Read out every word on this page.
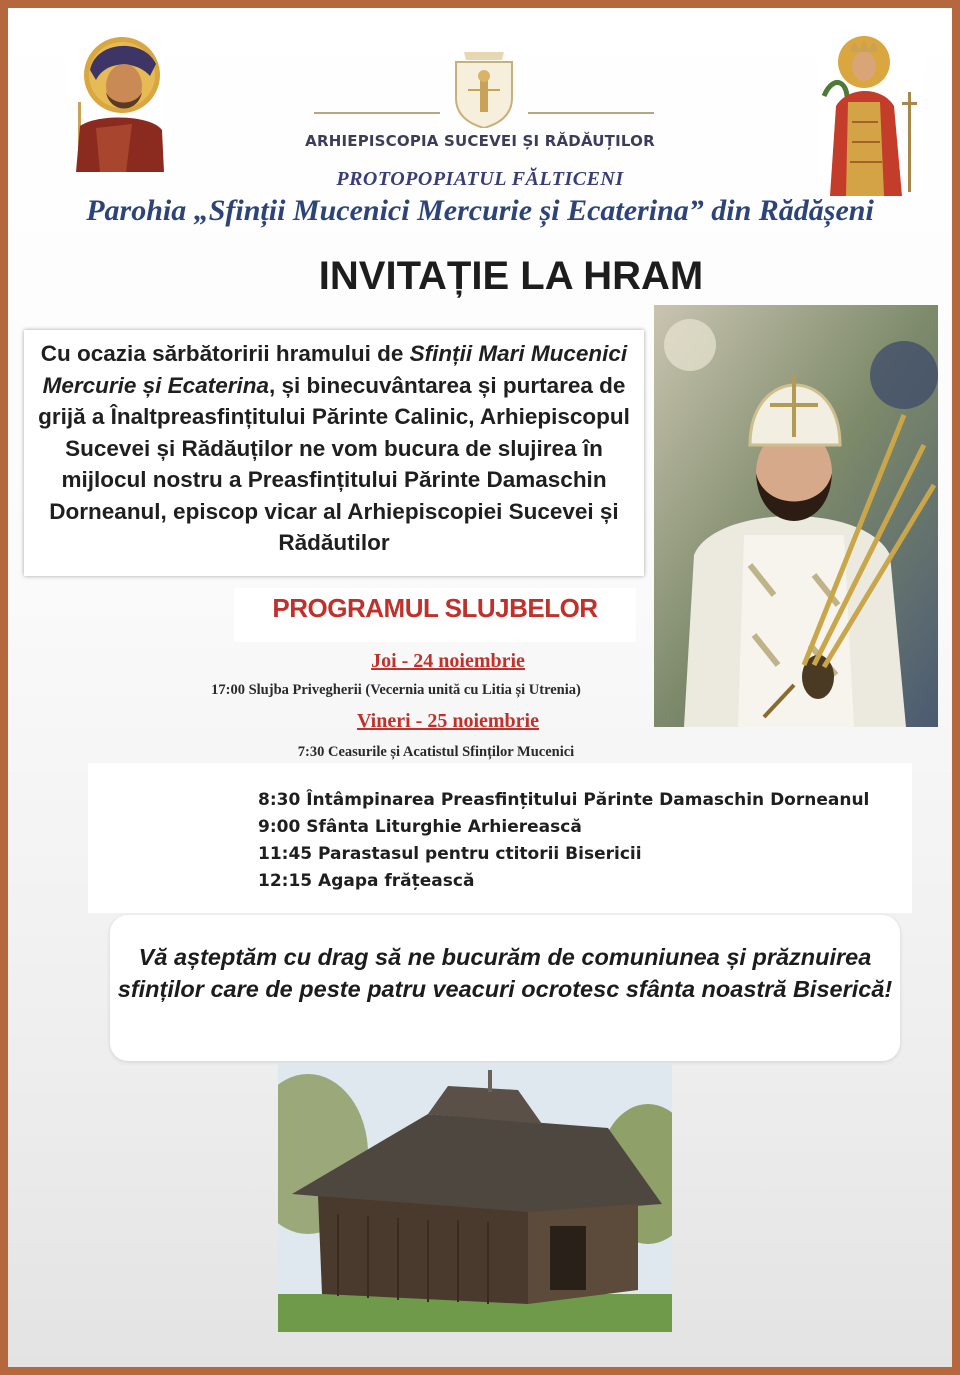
ARHIEPISCOPIA SUCEVEI ȘI RĂDĂUȚILOR
PROTOPOPIATUL FĂLTICENI
Parohia „Sfinții Mucenici Mercurie și Ecaterina” din Rădășeni
INVITAȚIE LA HRAM
Cu ocazia sărbătoririi hramului de Sfinții Mari Mucenici Mercurie și Ecaterina, și binecuvântarea și purtarea de grijă a Înaltpreasfințitului Părinte Calinic, Arhiepiscopul Sucevei și Rădăuților ne vom bucura de slujirea în mijlocul nostru a Preasfințitului Părinte Damaschin Dorneanul, episcop vicar al Arhiepiscopiei Sucevei și Rădăutilor
PROGRAMUL SLUJBELOR
Joi - 24 noiembrie
17:00 Slujba Privegherii (Vecernia unită cu Litia și Utrenia)
Vineri - 25 noiembrie
7:30 Ceasurile și Acatistul Sfinților Mucenici
8:30 Întâmpinarea Preasfințitului Părinte Damaschin Dorneanul
9:00 Sfânta Liturghie Arhierească
11:45 Parastasul pentru ctitorii Bisericii
12:15 Agapa frățească
Vă așteptăm cu drag să ne bucurăm de comuniunea și prăznuirea sfinților care de peste patru veacuri ocrotesc sfânta noastră Biserică!
